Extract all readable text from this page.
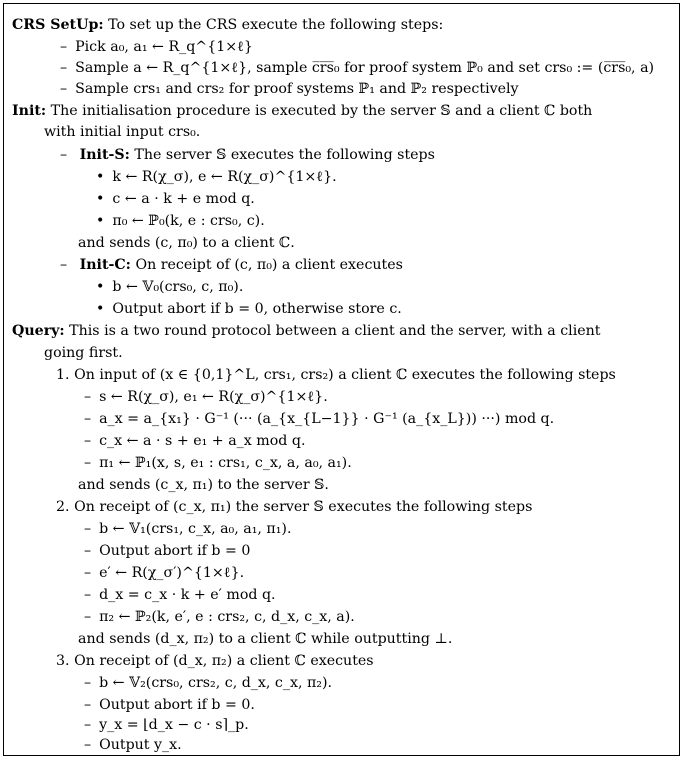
CRS SetUp: To set up the CRS execute the following steps:
– Pick a₀, a₁ ← R_q^{1×ℓ}
– Sample a ← R_q^{1×ℓ}, sample c̅r̅s̅₀ for proof system ℙ₀ and set crs₀ := (c̅r̅s̅₀, a)
– Sample crs₁ and crs₂ for proof systems ℙ₁ and ℙ₂ respectively
Init: The initialisation procedure is executed by the server 𝕊 and a client ℂ both
with initial input crs₀.
– Init-S: The server 𝕊 executes the following steps
• k ← R(χ_σ), e ← R(χ_σ)^{1×ℓ}.
• c ← a · k + e mod q.
• π₀ ← ℙ₀(k, e : crs₀, c).
and sends (c, π₀) to a client ℂ.
– Init-C: On receipt of (c, π₀) a client executes
• b ← 𝕍₀(crs₀, c, π₀).
• Output abort if b = 0, otherwise store c.
Query: This is a two round protocol between a client and the server, with a client
going first.
1. On input of (x ∈ {0,1}^L, crs₁, crs₂) a client ℂ executes the following steps
– s ← R(χ_σ), e₁ ← R(χ_σ)^{1×ℓ}.
– a_x = a_{x₁} · G⁻¹ (··· (a_{x_{L−1}} · G⁻¹ (a_{x_L})) ···) mod q.
– c_x ← a · s + e₁ + a_x mod q.
– π₁ ← ℙ₁(x, s, e₁ : crs₁, c_x, a, a₀, a₁).
and sends (c_x, π₁) to the server 𝕊.
2. On receipt of (c_x, π₁) the server 𝕊 executes the following steps
– b ← 𝕍₁(crs₁, c_x, a₀, a₁, π₁).
– Output abort if b = 0
– e′ ← R(χ_σ′)^{1×ℓ}.
– d_x = c_x · k + e′ mod q.
– π₂ ← ℙ₂(k, e′, e : crs₂, c, d_x, c_x, a).
and sends (d_x, π₂) to a client ℂ while outputting ⊥.
3. On receipt of (d_x, π₂) a client ℂ executes
– b ← 𝕍₂(crs₀, crs₂, c, d_x, c_x, π₂).
– Output abort if b = 0.
– y_x = ⌊d_x − c · s⌉_p.
– Output y_x.
